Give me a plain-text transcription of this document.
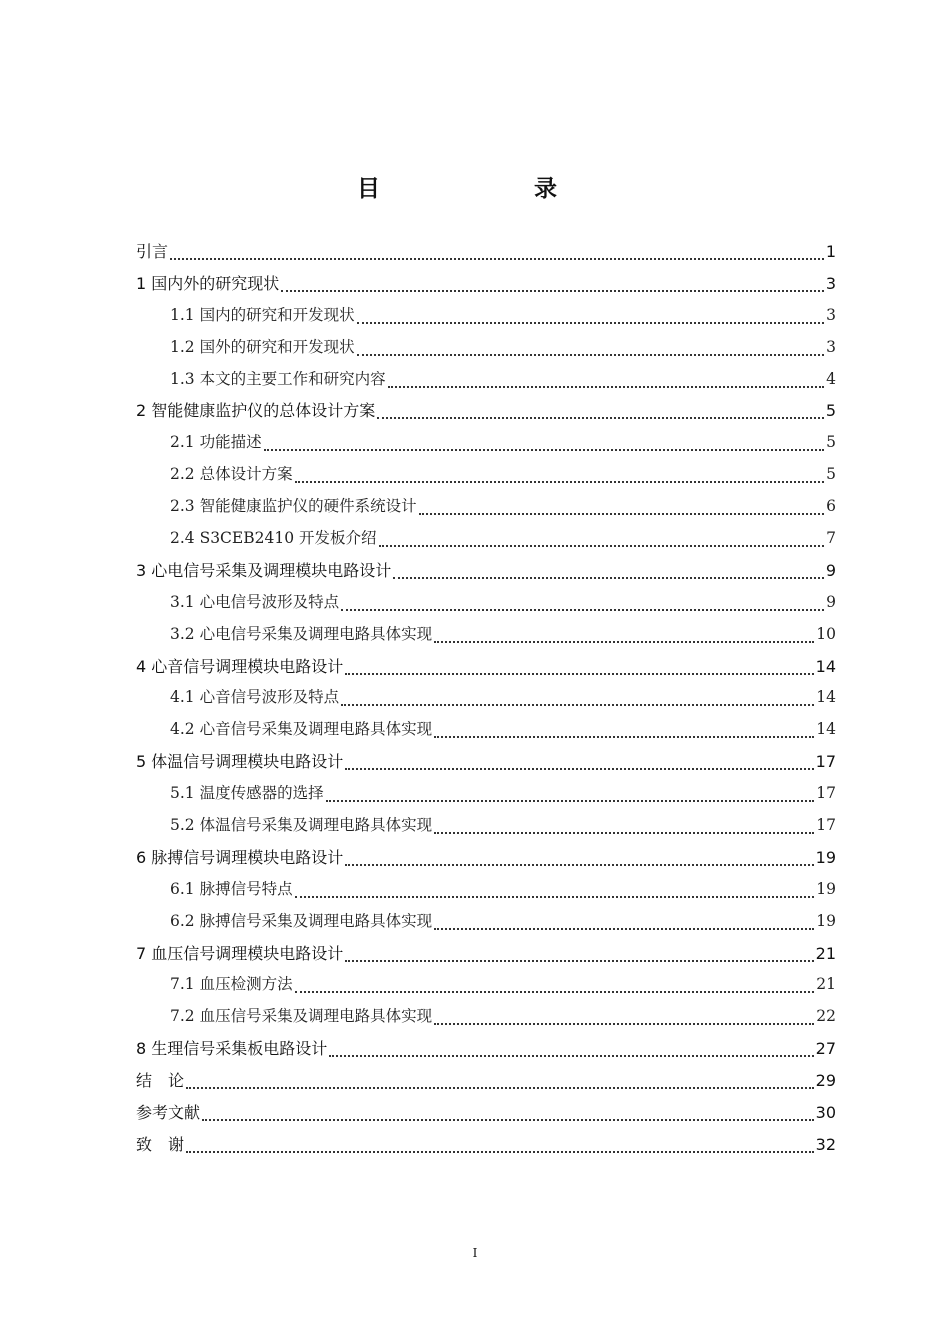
目　　录
引言	1
1 国内外的研究现状	3
1.1 国内的研究和开发现状	3
1.2 国外的研究和开发现状	3
1.3 本文的主要工作和研究内容	4
2 智能健康监护仪的总体设计方案	5
2.1 功能描述	5
2.2 总体设计方案	5
2.3 智能健康监护仪的硬件系统设计	6
2.4 S3CEB2410 开发板介绍	7
3 心电信号采集及调理模块电路设计	9
3.1 心电信号波形及特点	9
3.2 心电信号采集及调理电路具体实现	10
4 心音信号调理模块电路设计	14
4.1 心音信号波形及特点	14
4.2 心音信号采集及调理电路具体实现	14
5 体温信号调理模块电路设计	17
5.1 温度传感器的选择	17
5.2 体温信号采集及调理电路具体实现	17
6 脉搏信号调理模块电路设计	19
6.1 脉搏信号特点	19
6.2 脉搏信号采集及调理电路具体实现	19
7 血压信号调理模块电路设计	21
7.1 血压检测方法	21
7.2 血压信号采集及调理电路具体实现	22
8 生理信号采集板电路设计	27
结　论	29
参考文献	30
致　谢	32
I
